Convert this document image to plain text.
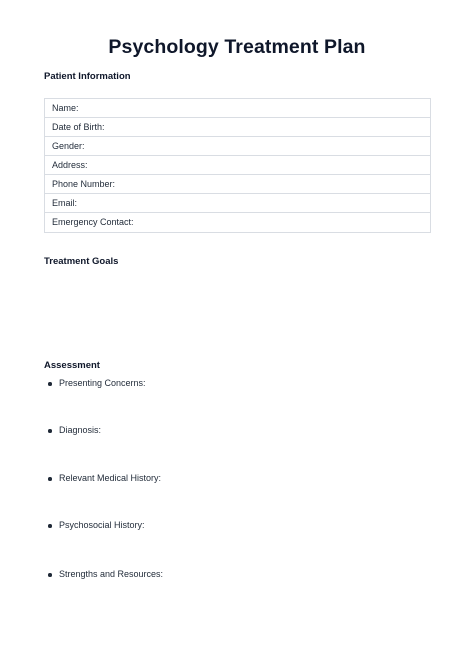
Psychology Treatment Plan
Patient Information
Name:
Date of Birth:
Gender:
Address:
Phone Number:
Email:
Emergency Contact:
Treatment Goals
Assessment
Presenting Concerns:
Diagnosis:
Relevant Medical History:
Psychosocial History:
Strengths and Resources:
